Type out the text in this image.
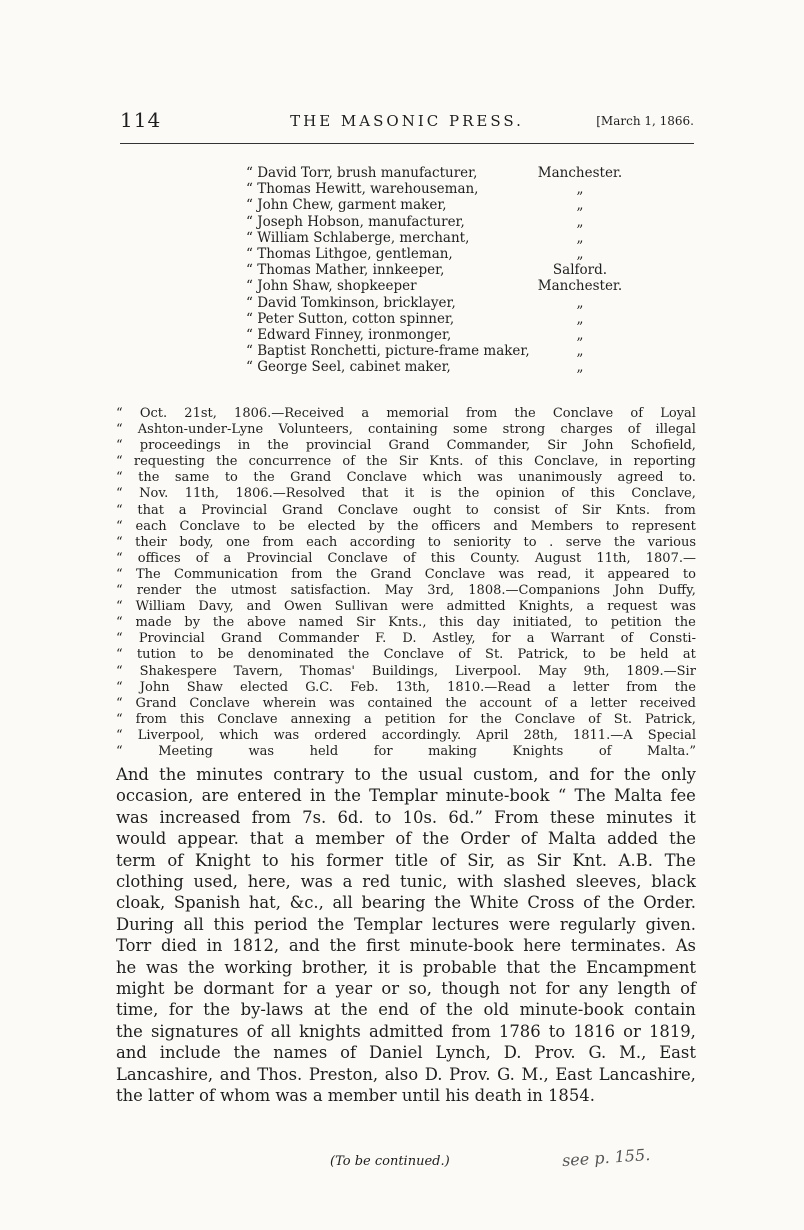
114	THE MASONIC PRESS.	[March 1, 1866.
“ David Torr, brush manufacturer,	Manchester.
“ Thomas Hewitt, warehouseman,	„
“ John Chew, garment maker,	„
“ Joseph Hobson, manufacturer,	„
“ William Schlaberge, merchant,	„
“ Thomas Lithgoe, gentleman,	„
“ Thomas Mather, innkeeper,	Salford.
“ John Shaw, shopkeeper	Manchester.
“ David Tomkinson, bricklayer,	„
“ Peter Sutton, cotton spinner,	„
“ Edward Finney, ironmonger,	„
“ Baptist Ronchetti, picture-frame maker,	„
“ George Seel, cabinet maker,	„
“ Oct. 21st, 1806.—Received a memorial from the Conclave of Loyal
“ Ashton-under-Lyne Volunteers, containing some strong charges of illegal
“ proceedings in the provincial Grand Commander, Sir John Schofield,
“ requesting the concurrence of the Sir Knts. of this Conclave, in reporting
“ the same to the Grand Conclave which was unanimously agreed to.
“ Nov. 11th, 1806.—Resolved that it is the opinion of this Conclave,
“ that a Provincial Grand Conclave ought to consist of Sir Knts. from
“ each Conclave to be elected by the officers and Members to represent
“ their body, one from each according to seniority to . serve the various
“ offices of a Provincial Conclave of this County. August 11th, 1807.—
“ The Communication from the Grand Conclave was read, it appeared to
“ render the utmost satisfaction. May 3rd, 1808.—Companions John Duffy,
“ William Davy, and Owen Sullivan were admitted Knights, a request was
“ made by the above named Sir Knts., this day initiated, to petition the
“ Provincial Grand Commander F. D. Astley, for a Warrant of Consti-
“ tution to be denominated the Conclave of St. Patrick, to be held at
“ Shakespere Tavern, Thomas' Buildings, Liverpool. May 9th, 1809.—Sir
“ John Shaw elected G.C. Feb. 13th, 1810.—Read a letter from the
“ Grand Conclave wherein was contained the account of a letter received
“ from this Conclave annexing a petition for the Conclave of St. Patrick,
“ Liverpool, which was ordered accordingly. April 28th, 1811.—A Special
“ Meeting was held for making Knights of Malta.”
And the minutes contrary to the usual custom, and for the only
occasion, are entered in the Templar minute-book “ The Malta fee
was increased from 7s. 6d. to 10s. 6d.” From these minutes it
would appear. that a member of the Order of Malta added the
term of Knight to his former title of Sir, as Sir Knt. A.B. The
clothing used, here, was a red tunic, with slashed sleeves, black
cloak, Spanish hat, &c., all bearing the White Cross of the Order.
During all this period the Templar lectures were regularly given.
Torr died in 1812, and the first minute-book here terminates. As
he was the working brother, it is probable that the Encampment
might be dormant for a year or so, though not for any length of
time, for the by-laws at the end of the old minute-book contain
the signatures of all knights admitted from 1786 to 1816 or 1819,
and include the names of Daniel Lynch, D. Prov. G. M., East
Lancashire, and Thos. Preston, also D. Prov. G. M., East Lancashire,
the latter of whom was a member until his death in 1854.
(To be continued.)	see p. 155.
